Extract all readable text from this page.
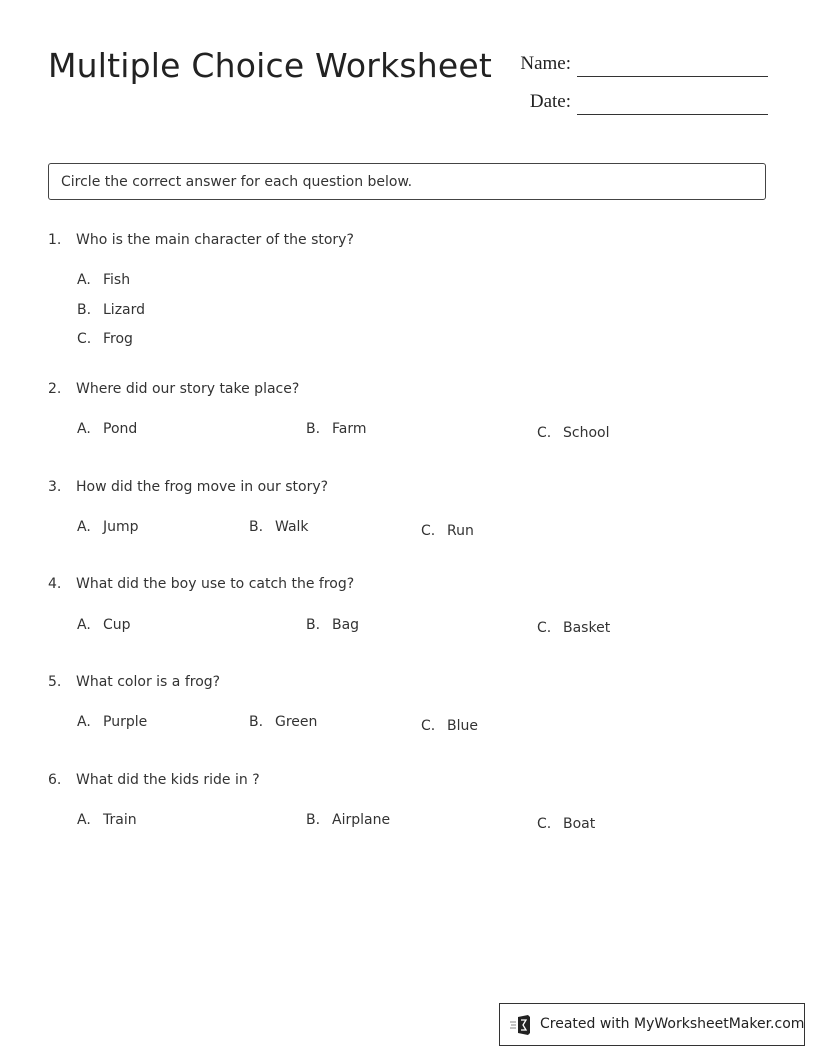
Multiple Choice Worksheet Name:
Date:
Circle the correct answer for each question below.
1. Who is the main character of the story?
A. Fish
B. Lizard
C. Frog
2. Where did our story take place?
A. Pond	B. Farm	C. School
3. How did the frog move in our story?
A. Jump	B. Walk	C. Run
4. What did the boy use to catch the frog?
A. Cup	B. Bag	C. Basket
5. What color is a frog?
A. Purple	B. Green	C. Blue
6. What did the kids ride in ?
A. Train	B. Airplane	C. Boat
Created with MyWorksheetMaker.com
